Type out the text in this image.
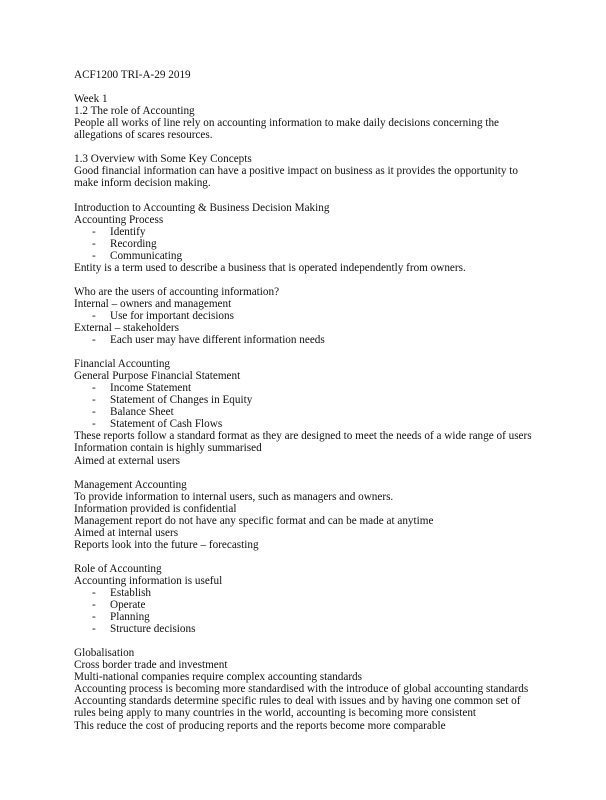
ACF1200 TRI-A-29 2019
Week 1
1.2 The role of Accounting
People all works of line rely on accounting information to make daily decisions concerning the allegations of scares resources.
1.3 Overview with Some Key Concepts
Good financial information can have a positive impact on business as it provides the opportunity to make inform decision making.
Introduction to Accounting & Business Decision Making
Accounting Process
- Identify
- Recording
- Communicating
Entity is a term used to describe a business that is operated independently from owners.
Who are the users of accounting information?
Internal – owners and management
- Use for important decisions
External – stakeholders
- Each user may have different information needs
Financial Accounting
General Purpose Financial Statement
- Income Statement
- Statement of Changes in Equity
- Balance Sheet
- Statement of Cash Flows
These reports follow a standard format as they are designed to meet the needs of a wide range of users
Information contain is highly summarised
Aimed at external users
Management Accounting
To provide information to internal users, such as managers and owners.
Information provided is confidential
Management report do not have any specific format and can be made at anytime
Aimed at internal users
Reports look into the future – forecasting
Role of Accounting
Accounting information is useful
- Establish
- Operate
- Planning
- Structure decisions
Globalisation
Cross border trade and investment
Multi-national companies require complex accounting standards
Accounting process is becoming more standardised with the introduce of global accounting standards
Accounting standards determine specific rules to deal with issues and by having one common set of rules being apply to many countries in the world, accounting is becoming more consistent
This reduce the cost of producing reports and the reports become more comparable
